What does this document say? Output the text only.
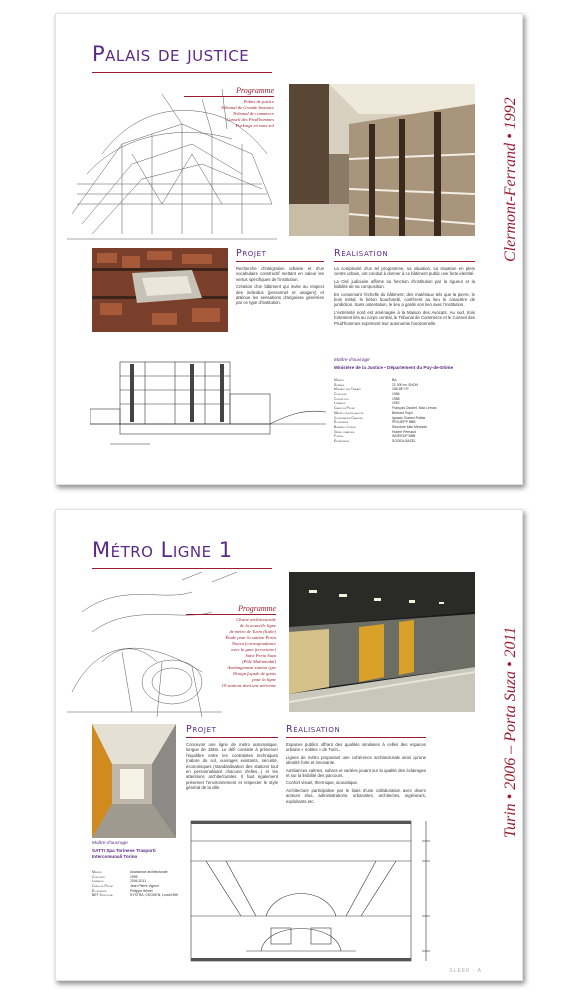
Palais de justice
Clermont-Ferrand • 1992
Programme
Palais de justice
Tribunal de Grande Instance
Tribunal de commerce
Conseil des Prud'hommes
Parkings en sous-sol
Projet

Recherche d'intégration urbaine et d'un vocabulaire constructif mettant en valeur les vertus spécifiques de l'institution.

Création d'un bâtiment qui invite au respect des individus (personnel et usagers) et atténue les sensations d'angoisse générées par ce type d'institution.

Réalisation

La complexité d'un tel programme, sa situation, sa situation en plein centre urbain, ont conduit à donner à ce bâtiment public une forte identité.

La Cité judiciaire affirme sa fonction d'institution par la rigueur et la lisibilité de sa composition.

En conservant l'échelle du bâtiment, des matériaux tels que la pierre, le bois métal, le béton bouchardé, confèrent au lieu le caractère de juridiction. Sans ostentation, le lieu a gardé son lien avec l'institution.

L'extrémité nord est aménagée à la Maison des Avocats. Au sud, trois fortement liés au corps central, le Tribunal de Commerce et le Conseil des Prud'hommes expriment leur autonomie fonctionnelle.

Maître d'ouvrage
Ministère de la Justice • Département du Puy-de-Dôme
Mission	BA
Surface	21 000 m² SHON
Montant des Travaux	156 MF HT
Concours	1986
Conception	1988
Livraison	1992
Chefs de Projet	François Doubet, Max Leman
Maître d'œuvre associé	Bernard Pujol
Coordination Chantier	Ignacio Gomez-Pallas
Économiste	PROJEPP BBB
Bureaux d'études	Structure Mac Mennoni
Génie climatique	Hubert Pernaud
Fluides	INGEROP BBB
Entreprises	SOGEA-BAZEL
Métro Ligne 1
Turin • 2006 – Porta Suza • 2011
Programme
Charte architecturale
de la nouvelle ligne
de métro de Turin (Italie)
Étude pour la station Porta
Nuova (correspondance
avec la gare ferroviaire)
Suivi Porta Suza
(Pôle Multimodal)
Aménagement station type
Design façade de quais
pour la ligne
19 stations dont une aérienne
Maître d'ouvrage
SATTI Spa Torinese Trasporti Intercomunali Torino
Mission	Assistance architecturale
Concours	1999
Livraison	2006-2011
Chefs de Projet	Jean-Pierre Vignon
Économiste	Philippe Wimet
BET Structure	SYSTRA, CEOGEN, Lorant BHI
Projet

Concevoir une ligne de métro automatique, longue de 18km. Le défi consiste à préserver l'équilibre entre les contraintes techniques (nature du sol, ouvrages existants, sécurité, économiques (standardisation des stations tout en personnalisant chacune d'elles...) et les attentions architecturales. Il faut également préserver l'environnement et respecter le style général de la ville.

Réalisation

Espaces publics offrant des qualités similaires à celles des espaces urbains « nobles » de Turin...

Lignes de métro proposant une cohérence architecturale ainsi qu'une identité forte et innovante.

Ambiances calmes, sobres et variées jouant sur la qualité des éclairages et sur la lisibilité des parcours.

Confort visuel, thermique, acoustique.

Architecture participative par le biais d'une collaboration avec divers acteurs élus, administrations, urbanistes, architectes, ingénieurs, exploitants etc.

SLEEK · A
